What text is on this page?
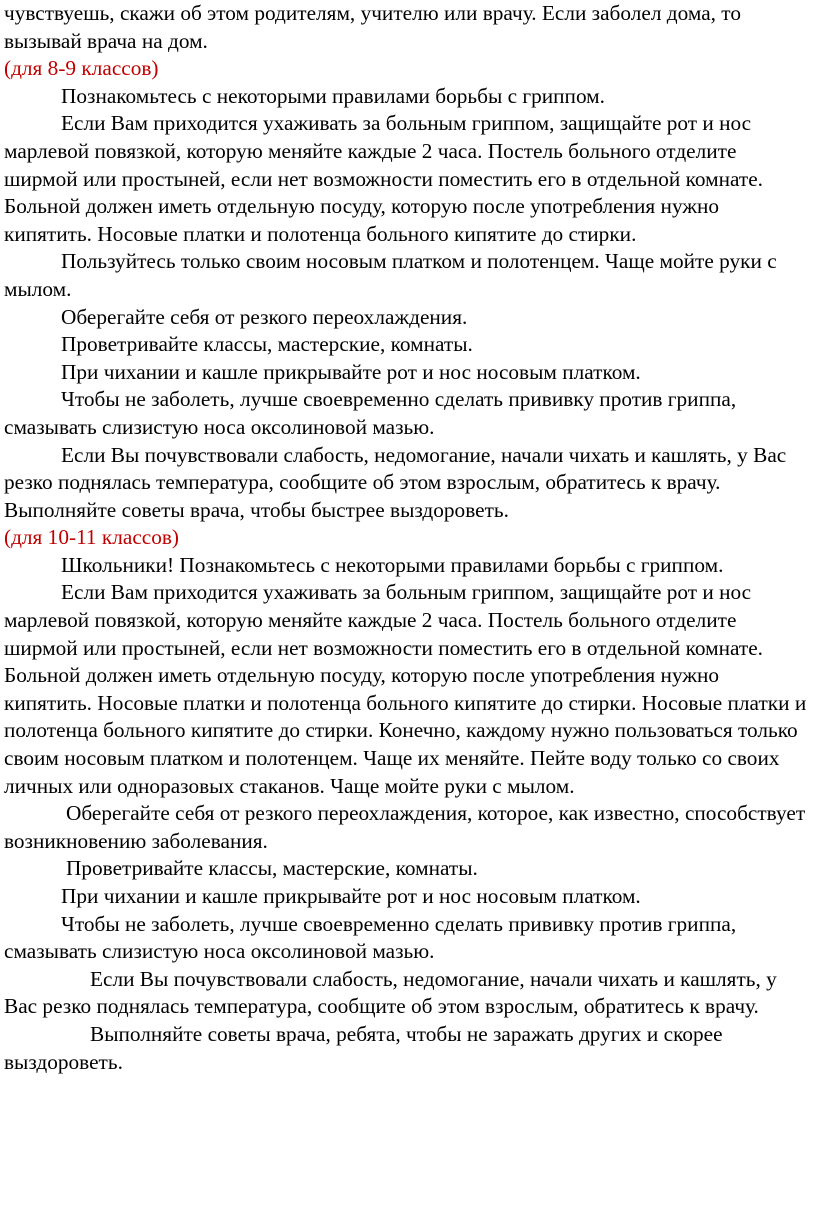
чувствуешь, скажи об этом родителям, учителю или врачу. Если заболел дома, то вызывай врача на дом.

(для 8-9 классов)

Познакомьтесь с некоторыми правилами борьбы с гриппом.

Если Вам приходится ухаживать за больным гриппом, защищайте рот и нос марлевой повязкой, которую меняйте каждые 2 часа. Постель больного отделите ширмой или простыней, если нет возможности поместить его в отдельной комнате. Больной должен иметь отдельную посуду, которую после употребления нужно кипятить. Носовые платки и полотенца больного кипятите до стирки.

Пользуйтесь только своим носовым платком и полотенцем. Чаще мойте руки с мылом.

Оберегайте себя от резкого переохлаждения.

Проветривайте классы, мастерские, комнаты.

При чихании и кашле прикрывайте рот и нос носовым платком.

Чтобы не заболеть, лучше своевременно сделать прививку против гриппа, смазывать слизистую носа оксолиновой мазью.

Если Вы почувствовали слабость, недомогание, начали чихать и кашлять, у Вас резко поднялась температура, сообщите об этом взрослым, обратитесь к врачу. Выполняйте советы врача, чтобы быстрее выздороветь.

(для 10-11 классов)

Школьники! Познакомьтесь с некоторыми правилами борьбы с гриппом.

Если Вам приходится ухаживать за больным гриппом, защищайте рот и нос марлевой повязкой, которую меняйте каждые 2 часа. Постель больного отделите ширмой или простыней, если нет возможности поместить его в отдельной комнате. Больной должен иметь отдельную посуду, которую после употребления нужно кипятить. Носовые платки и полотенца больного кипятите до стирки. Носовые платки и полотенца больного кипятите до стирки. Конечно, каждому нужно пользоваться только своим носовым платком и полотенцем. Чаще их меняйте. Пейте воду только со своих личных или одноразовых стаканов. Чаще мойте руки с мылом.

Оберегайте себя от резкого переохлаждения, которое, как известно, способствует возникновению заболевания.

Проветривайте классы, мастерские, комнаты.

При чихании и кашле прикрывайте рот и нос носовым платком.

Чтобы не заболеть, лучше своевременно сделать прививку против гриппа, смазывать слизистую носа оксолиновой мазью.

Если Вы почувствовали слабость, недомогание, начали чихать и кашлять, у Вас резко поднялась температура, сообщите об этом взрослым, обратитесь к врачу.

Выполняйте советы врача, ребята, чтобы не заражать других и скорее выздороветь.
